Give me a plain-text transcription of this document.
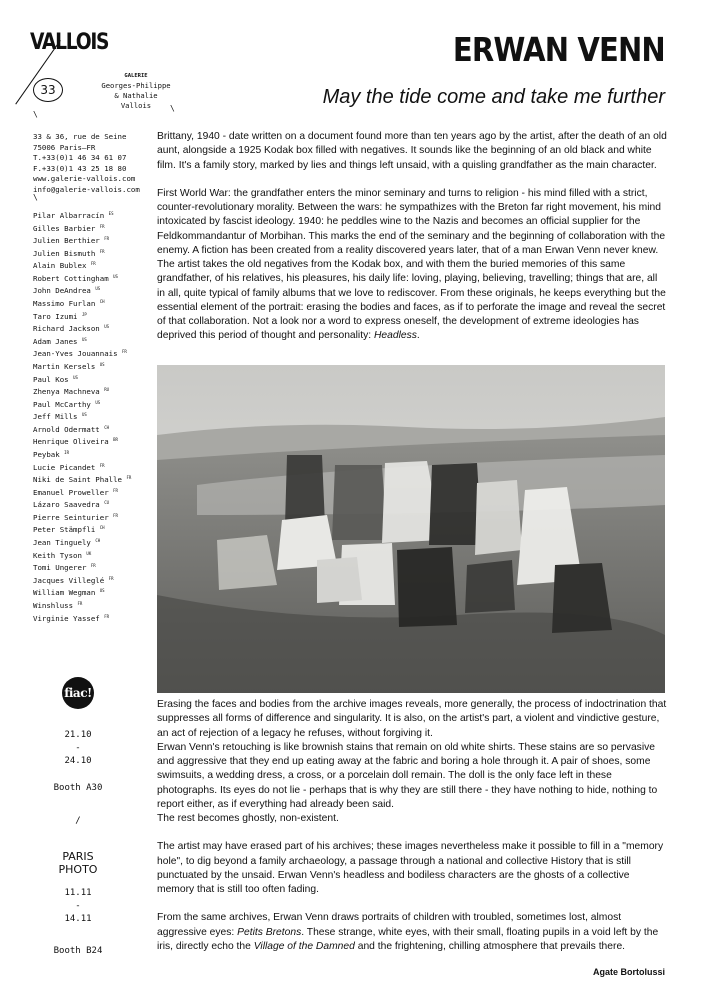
VALLOIS
33
GALERIE
Georges-Philippe
& Nathalie
Vallois
\
\
33 & 36, rue de Seine
75006 Paris–FR
T.+33(0)1 46 34 61 07
F.+33(0)1 43 25 18 80
www.galerie-vallois.com
info@galerie-vallois.com
\
Pilar Albarracín $^{ES}$
Gilles Barbier $^{FR}$
Julien Berthier $^{FR}$
Julien Bismuth $^{FR}$
Alain Bublex $^{FR}$
Robert Cottingham $^{US}$
John DeAndrea $^{US}$
Massimo Furlan $^{CH}$
Taro Izumi $^{JP}$
Richard Jackson $^{US}$
Adam Janes $^{US}$
Jean-Yves Jouannais $^{FR}$
Martin Kersels $^{US}$
Paul Kos $^{US}$
Zhenya Machneva $^{RU}$
Paul McCarthy $^{US}$
Jeff Mills $^{US}$
Arnold Odermatt $^{CH}$
Henrique Oliveira $^{BR}$
Peybak $^{IR}$
Lucie Picandet $^{FR}$
Niki de Saint Phalle $^{FR}$
Emanuel Proweller $^{FR}$
Lázaro Saavedra $^{CU}$
Pierre Seinturier $^{FR}$
Peter Stämpfli $^{CH}$
Jean Tinguely $^{CH}$
Keith Tyson $^{UK}$
Tomi Ungerer $^{FR}$
Jacques Villeglé $^{FR}$
William Wegman $^{US}$
Winshluss $^{FR}$
Virginie Yassef $^{FR}$
fiac!
21.10
-
24.10
Booth A30
/
PARIS
PHOTO
11.11
-
14.11
Booth B24
ERWAN VENN
May the tide come and take me further

Brittany, 1940 - date written on a document found more than ten years ago by the artist, after the death of an old aunt, alongside a 1925 Kodak box filled with negatives. It sounds like the beginning of an old black and white film. It's a family story, marked by lies and things left unsaid, with a quisling grandfather as the main character.

First World War: the grandfather enters the minor seminary and turns to religion - his mind filled with a strict, counter-revolutionary morality. Between the wars: he sympathizes with the Breton far right movement, his mind intoxicated by fascist ideology. 1940: he peddles wine to the Nazis and becomes an official supplier for the Feldkommandantur of Morbihan. This marks the end of the seminary and the beginning of collaboration with the enemy. A fiction has been created from a reality discovered years later, that of a man Erwan Venn never knew. The artist takes the old negatives from the Kodak box, and with them the buried memories of this same grandfather, of his relatives, his pleasures, his daily life: loving, playing, believing, travelling; things that are, all in all, quite typical of family albums that we love to rediscover. From these originals, he keeps everything but the essential element of the portrait: erasing the bodies and faces, as if to perforate the image and reveal the secret of that collaboration. Not a look nor a word to express oneself, the development of extreme ideologies has deprived this period of thought and personality: Headless.

Erasing the faces and bodies from the archive images reveals, more generally, the process of indoctrination that suppresses all forms of difference and singularity. It is also, on the artist's part, a violent and vindictive gesture, an act of rejection of a legacy he refuses, without forgiving it.

Erwan Venn's retouching is like brownish stains that remain on old white shirts. These stains are so pervasive and aggressive that they end up eating away at the fabric and boring a hole through it. A pair of shoes, some swimsuits, a wedding dress, a cross, or a porcelain doll remain. The doll is the only face left in these photographs. Its eyes do not lie - perhaps that is why they are still there - they have nothing to hide, nothing to report either, as if everything had already been said.

The rest becomes ghostly, non-existent.

The artist may have erased part of his archives; these images nevertheless make it possible to fill in a "memory hole", to dig beyond a family archaeology, a passage through a national and collective History that is still punctuated by the unsaid. Erwan Venn's headless and bodiless characters are the ghosts of a collective memory that is still too often fading.

From the same archives, Erwan Venn draws portraits of children with troubled, sometimes lost, almost aggressive eyes: Petits Bretons. These strange, white eyes, with their small, floating pupils in a void left by the iris, directly echo the Village of the Damned and the frightening, chilling atmosphere that prevails there.

Agate Bortolussi
